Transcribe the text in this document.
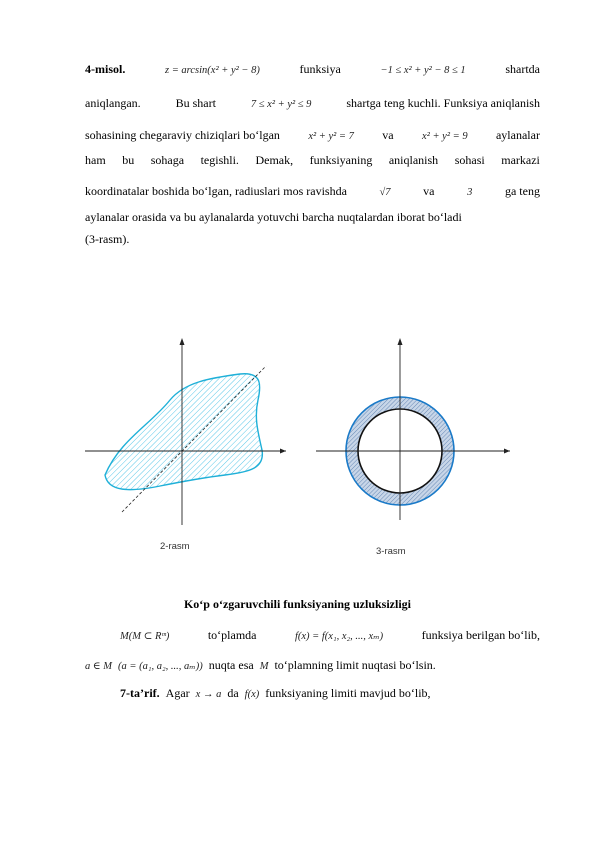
4-misol.	z = arcsin(x² + y² − 8)	funksiya	−1 ≤ x² + y² − 8 ≤ 1	shartda
aniqlangan.	Bu shart	7 ≤ x² + y² ≤ 9	shartga teng kuchli. Funksiya aniqlanish
sohasining chegaraviy chiziqlari bo‘lgan	x² + y² = 7 va	x² + y² = 9 aylanalar
ham bu sohaga tegishli. Demak, funksiyaning aniqlanish sohasi markazi
koordinatalar boshida bo‘lgan, radiuslari mos ravishda	√7	va	3	ga teng
aylanalar orasida va bu aylanalarda yotuvchi barcha nuqtalardan iborat bo‘ladi
(3-rasm).
2-rasm	3-rasm
Ko‘p o‘zgaruvchili funksiyaning uzluksizligi
M(M ⊂ Rᵐ)	to‘plamda	f(x) = f(x₁, x₂, ..., xₘ)	funksiya berilgan bo‘lib,
a ∈ M (a = (a₁, a₂, ..., aₘ)) nuqta esa M to‘plamning limit nuqtasi bo‘lsin.
7-ta’rif. Agar x → a da f(x) funksiyaning limiti mavjud bo‘lib,
